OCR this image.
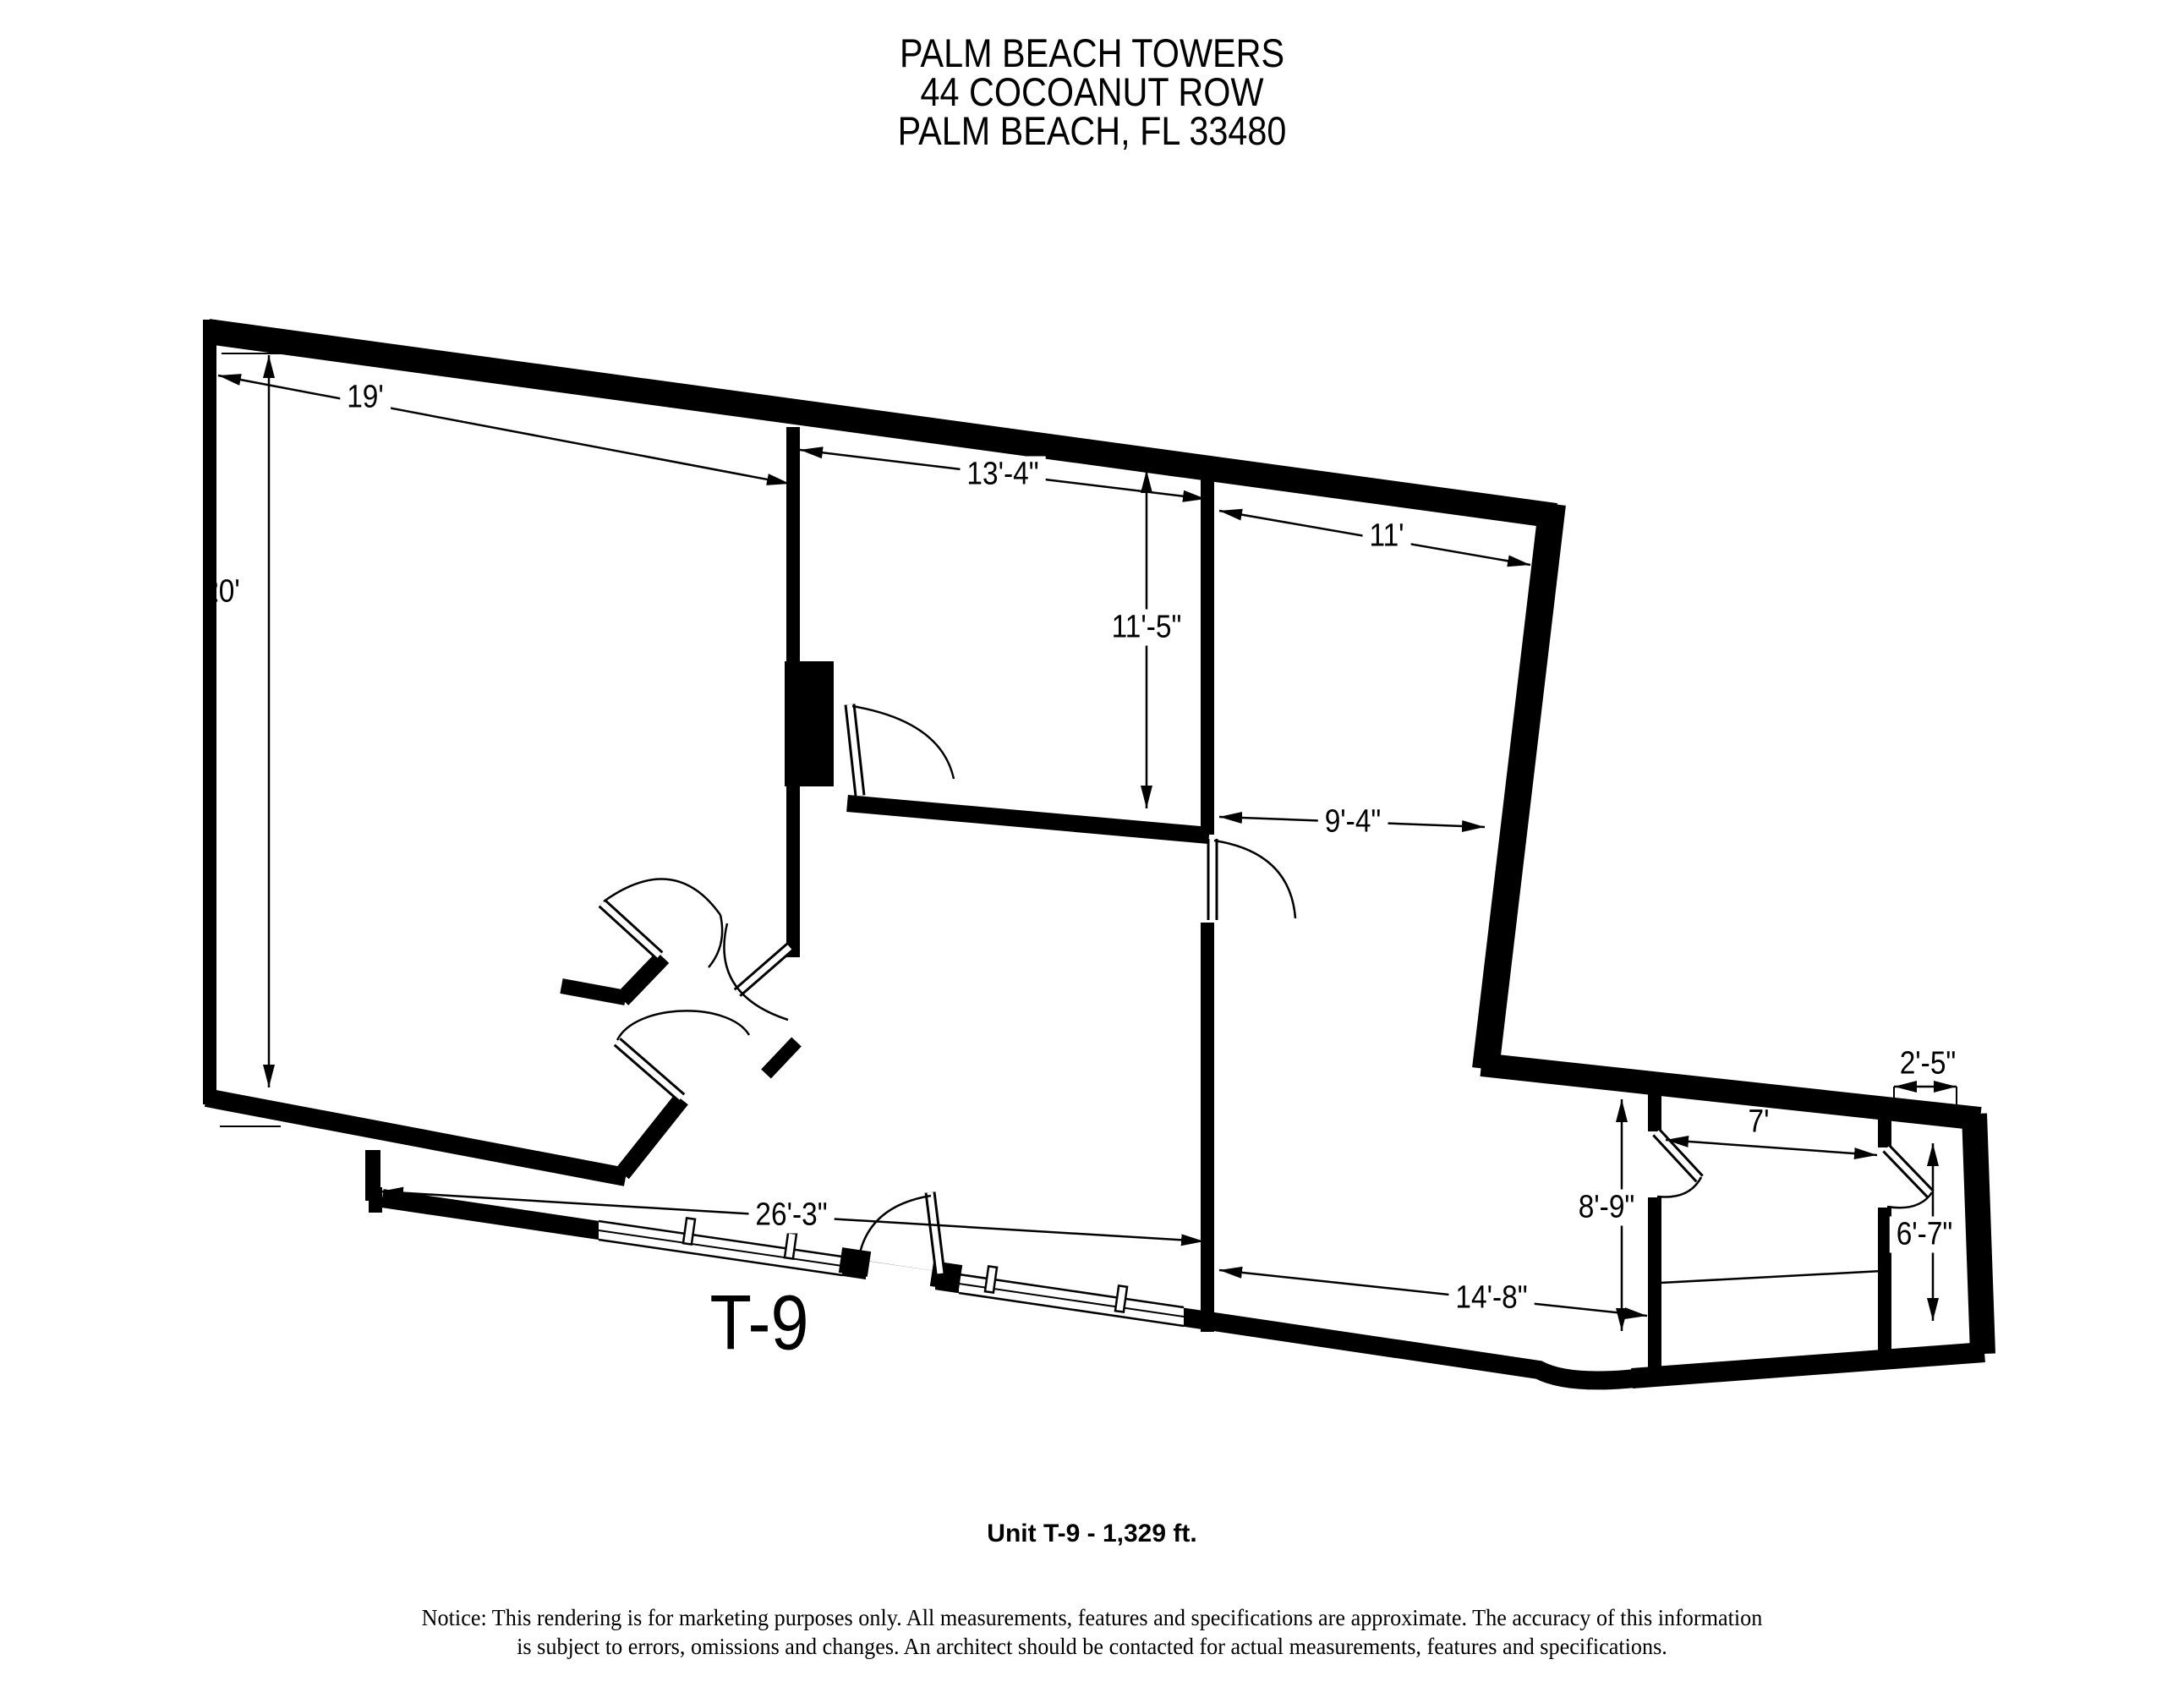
PALM BEACH TOWERS
44 COCOANUT ROW
PALM BEACH, FL 33480
19'
20'
13'-4"
11'-5"
11'
9'-4"
26'-3"
14'-8"
8'-9"
7'
2'-5"
6'-7"
T-9
Unit T-9 - 1,329 ft.
Notice: This rendering is for marketing purposes only. All measurements, features and specifications are approximate. The accuracy of this information
is subject to errors, omissions and changes. An architect should be contacted for actual measurements, features and specifications.
